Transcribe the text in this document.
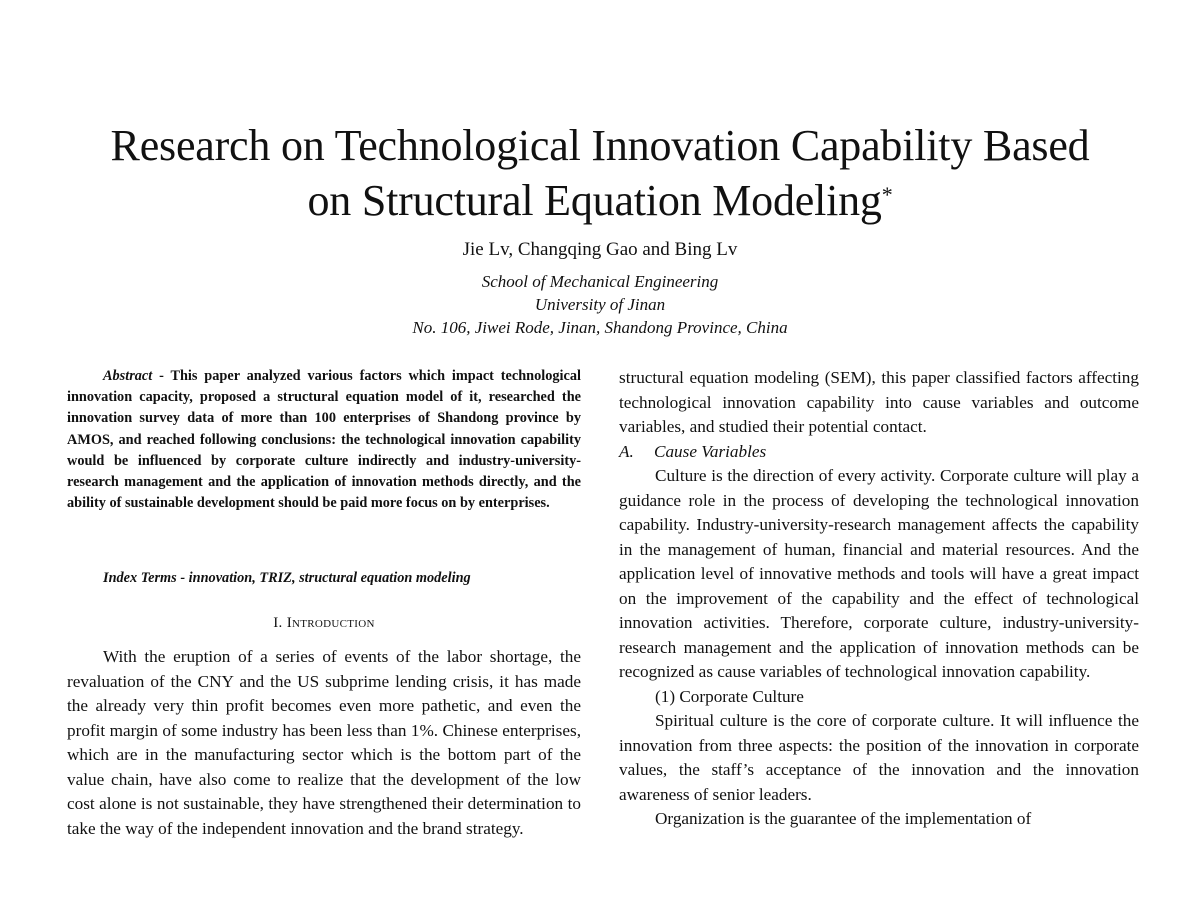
Research on Technological Innovation Capability Based
on Structural Equation Modeling*
Jie Lv, Changqing Gao and Bing Lv
School of Mechanical Engineering
University of Jinan
No. 106, Jiwei Rode, Jinan, Shandong Province, China

Abstract - This paper analyzed various factors which impact technological innovation capacity, proposed a structural equation model of it, researched the innovation survey data of more than 100 enterprises of Shandong province by AMOS, and reached following conclusions: the technological innovation capability would be influenced by corporate culture indirectly and industry-university-research management and the application of innovation methods directly, and the ability of sustainable development should be paid more focus on by enterprises.

Index Terms - innovation, TRIZ, structural equation modeling

I. Introduction

With the eruption of a series of events of the labor shortage, the revaluation of the CNY and the US subprime lending crisis, it has made the already very thin profit becomes even more pathetic, and even the profit margin of some industry has been less than 1%. Chinese enterprises, which are in the manufacturing sector which is the bottom part of the value chain, have also come to realize that the development of the low cost alone is not sustainable, they have strengthened their determination to take the way of the independent innovation and the brand strategy.

structural equation modeling (SEM), this paper classified factors affecting technological innovation capability into cause variables and outcome variables, and studied their potential contact.

A. Cause Variables

Culture is the direction of every activity. Corporate culture will play a guidance role in the process of developing the technological innovation capability. Industry-university-research management affects the capability in the management of human, financial and material resources. And the application level of innovative methods and tools will have a great impact on the improvement of the capability and the effect of technological innovation activities. Therefore, corporate culture, industry-university-research management and the application of innovation methods can be recognized as cause variables of technological innovation capability.

(1) Corporate Culture

Spiritual culture is the core of corporate culture. It will influence the innovation from three aspects: the position of the innovation in corporate values, the staff’s acceptance of the innovation and the innovation awareness of senior leaders.

Organization is the guarantee of the implementation of
